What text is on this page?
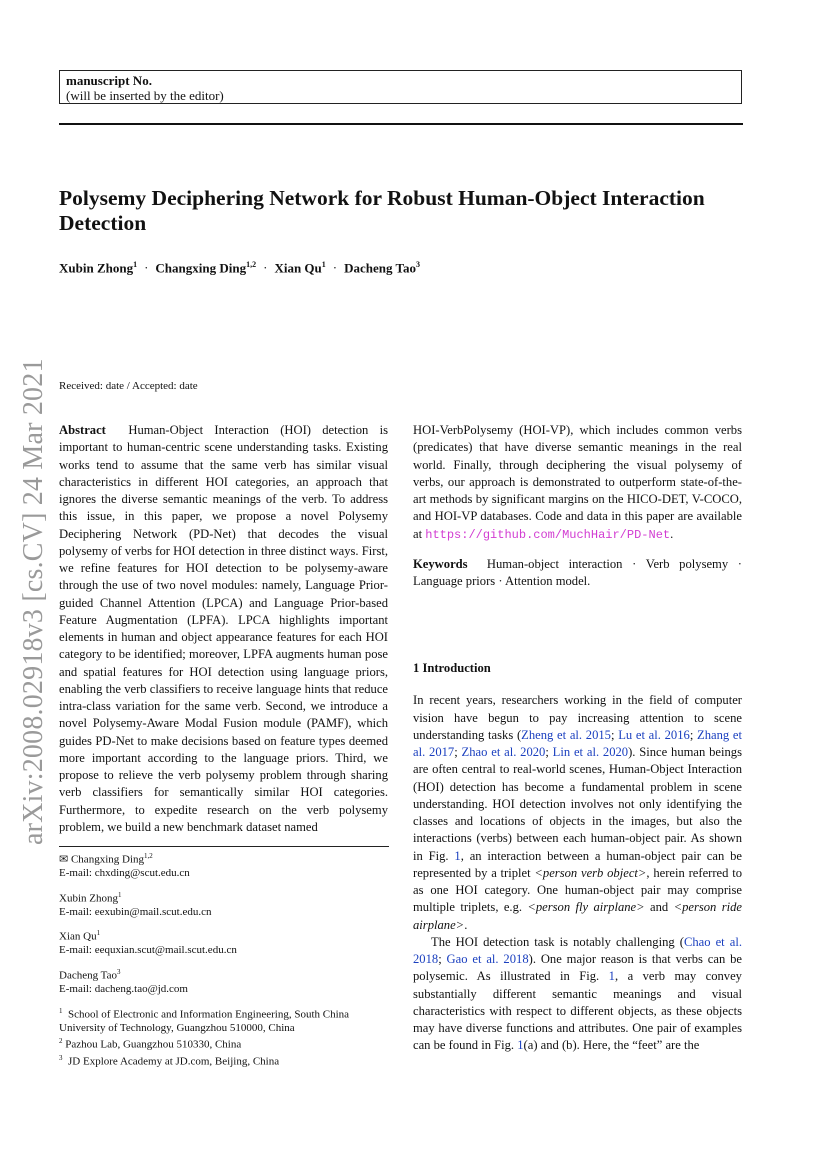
manuscript No.
(will be inserted by the editor)
Polysemy Deciphering Network for Robust Human-Object Interaction Detection
Xubin Zhong$^1$ · Changxing Ding$^{1,2}$ · Xian $Qu^1$ · Dacheng Tao$^3$
arXiv:2008.02918v3 [cs.CV] 24 Mar 2021 Received: date / Accepted: date

Abstract Human-Object Interaction (HOI) detection is important to human-centric scene understanding tasks. Existing works tend to assume that the same verb has similar visual characteristics in different HOI categories, an approach that ignores the diverse semantic meanings of the verb. To address this issue, in this paper, we propose a novel Polysemy Deciphering Network (PD-Net) that decodes the visual polysemy of verbs for HOI detection in three distinct ways. First, we refine features for HOI detection to be polysemy-aware through the use of two novel modules: namely, Language Prior-guided Channel Attention (LPCA) and Language Prior-based Feature Augmentation (LPFA). LPCA highlights important elements in human and object appearance features for each HOI category to be identified; moreover, LPFA augments human pose and spatial features for HOI detection using language priors, enabling the verb classifiers to receive language hints that reduce intra-class variation for the same verb. Second, we introduce a novel Polysemy-Aware Modal Fusion module (PAMF), which guides PD-Net to make decisions based on feature types deemed more important according to the language priors. Third, we propose to relieve the verb polysemy problem through sharing verb classifiers for semantically similar HOI categories. Furthermore, to expedite research on the verb polysemy problem, we build a new benchmark dataset named

1 Introduction

In recent years, researchers working in the field of computer vision have begun to pay increasing attention to scene understanding tasks (Zheng et al. 2015; Lu et al. 2016; Zhang et al. 2017; Zhao et al. 2020; Lin et al. 2020). Since human beings are often central to real-world scenes, Human-Object Interaction (HOI) detection has become a fundamental problem in scene understanding. HOI detection involves not only identifying the classes and locations of objects in the images, but also the interactions (verbs) between each human-object pair. As shown in Fig. 1, an interaction between a human-object pair can be represented by a triplet <person verb object>, herein referred to as one HOI category. One human-object pair may comprise multiple triplets, e.g. <person fly airplane> and <person ride airplane>.

The HOI detection task is notably challenging (Chao et al. 2018; Gao et al. 2018). One major reason is that verbs can be polysemic. As illustrated in Fig. 1, a verb may convey substantially different semantic meanings and visual characteristics with respect to different objects, as these objects may have diverse functions and attributes. One pair of examples can be found in Fig. 1(a) and (b). Here, the “feet” are the

✉ Changxing Ding$^{1,2}$
E-mail: chxding@scut.edu.cn
Xubin Zhong$^1$
E-mail: eexubin@mail.scut.edu.cn
Xian Qu$^1$
E-mail: eequxian.scut@mail.scut.edu.cn
Dacheng Tao$^3$
E-mail: dacheng.tao@jd.com
$^1$ School of Electronic and Information Engineering, South China University of Technology, Guangzhou 510000, China
$^2$ Pazhou Lab, Guangzhou 510330, China
$^3$ JD Explore Academy at JD.com, Beijing, China

HOI-VerbPolysemy (HOI-VP), which includes common verbs (predicates) that have diverse semantic meanings in the real world. Finally, through deciphering the visual polysemy of verbs, our approach is demonstrated to outperform state-of-the-art methods by significant margins on the HICO-DET, V-COCO, and HOI-VP databases. Code and data in this paper are available at https://github.com/MuchHair/PD-Net.

Keywords Human-object interaction · Verb polysemy · Language priors · Attention model.
